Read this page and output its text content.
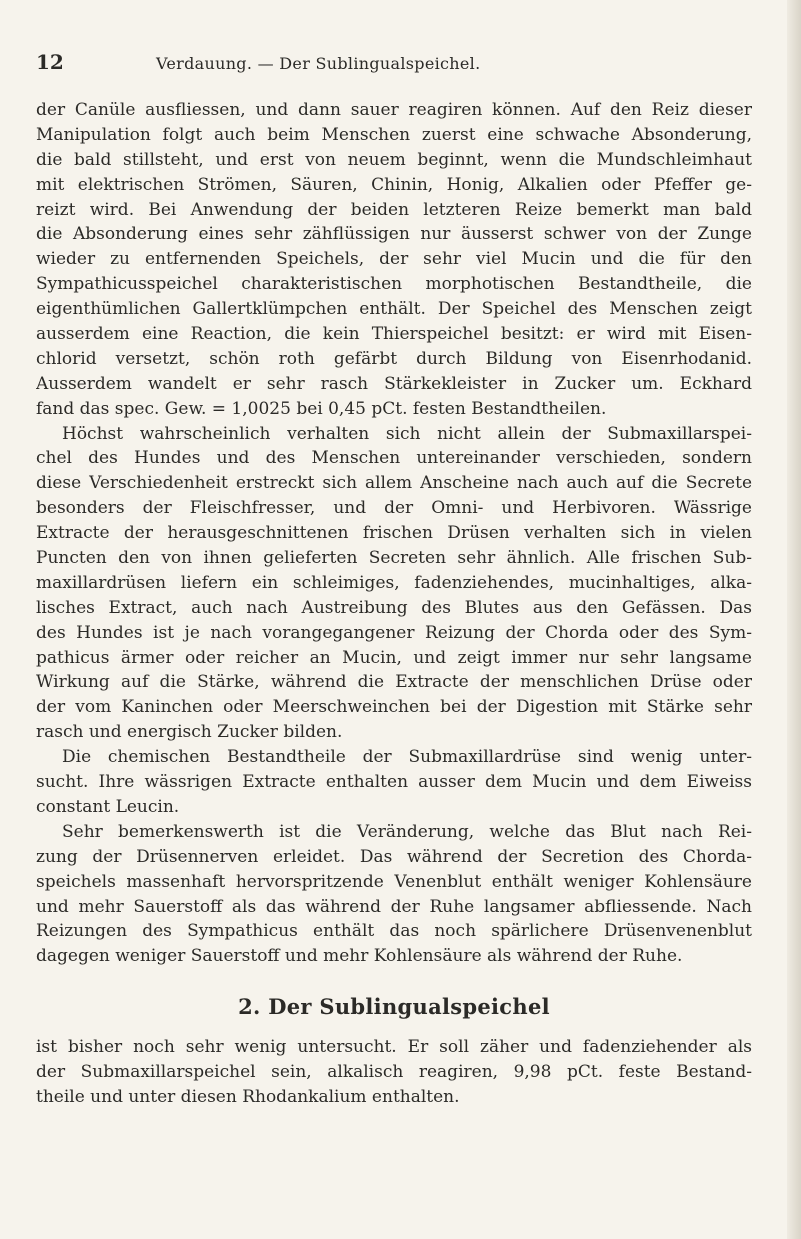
12	Verdauung. — Der Sublingualspeichel.
der Canüle ausfliessen, und dann sauer reagiren können. Auf den Reiz dieser
Manipulation folgt auch beim Menschen zuerst eine schwache Absonderung,
die bald stillsteht, und erst von neuem beginnt, wenn die Mundschleimhaut
mit elektrischen Strömen, Säuren, Chinin, Honig, Alkalien oder Pfeffer ge-
reizt wird. Bei Anwendung der beiden letzteren Reize bemerkt man bald
die Absonderung eines sehr zähflüssigen nur äusserst schwer von der Zunge
wieder zu entfernenden Speichels, der sehr viel Mucin und die für den
Sympathicusspeichel charakteristischen morphotischen Bestandtheile, die
eigenthümlichen Gallertklümpchen enthält. Der Speichel des Menschen zeigt
ausserdem eine Reaction, die kein Thierspeichel besitzt: er wird mit Eisen-
chlorid versetzt, schön roth gefärbt durch Bildung von Eisenrhodanid.
Ausserdem wandelt er sehr rasch Stärkekleister in Zucker um. Eckhard
fand das spec. Gew. = 1,0025 bei 0,45 pCt. festen Bestandtheilen.
Höchst wahrscheinlich verhalten sich nicht allein der Submaxillarspei-
chel des Hundes und des Menschen untereinander verschieden, sondern
diese Verschiedenheit erstreckt sich allem Anscheine nach auch auf die Secrete
besonders der Fleischfresser, und der Omni- und Herbivoren. Wässrige
Extracte der herausgeschnittenen frischen Drüsen verhalten sich in vielen
Puncten den von ihnen gelieferten Secreten sehr ähnlich. Alle frischen Sub-
maxillardrüsen liefern ein schleimiges, fadenziehendes, mucinhaltiges, alka-
lisches Extract, auch nach Austreibung des Blutes aus den Gefässen. Das
des Hundes ist je nach vorangegangener Reizung der Chorda oder des Sym-
pathicus ärmer oder reicher an Mucin, und zeigt immer nur sehr langsame
Wirkung auf die Stärke, während die Extracte der menschlichen Drüse oder
der vom Kaninchen oder Meerschweinchen bei der Digestion mit Stärke sehr
rasch und energisch Zucker bilden.
Die chemischen Bestandtheile der Submaxillardrüse sind wenig unter-
sucht. Ihre wässrigen Extracte enthalten ausser dem Mucin und dem Eiweiss
constant Leucin.
Sehr bemerkenswerth ist die Veränderung, welche das Blut nach Rei-
zung der Drüsennerven erleidet. Das während der Secretion des Chorda-
speichels massenhaft hervorspritzende Venenblut enthält weniger Kohlensäure
und mehr Sauerstoff als das während der Ruhe langsamer abfliessende. Nach
Reizungen des Sympathicus enthält das noch spärlichere Drüsenvenenblut
dagegen weniger Sauerstoff und mehr Kohlensäure als während der Ruhe.
2. Der Sublingualspeichel
ist bisher noch sehr wenig untersucht. Er soll zäher und fadenziehender als
der Submaxillarspeichel sein, alkalisch reagiren, 9,98 pCt. feste Bestand-
theile und unter diesen Rhodankalium enthalten.
